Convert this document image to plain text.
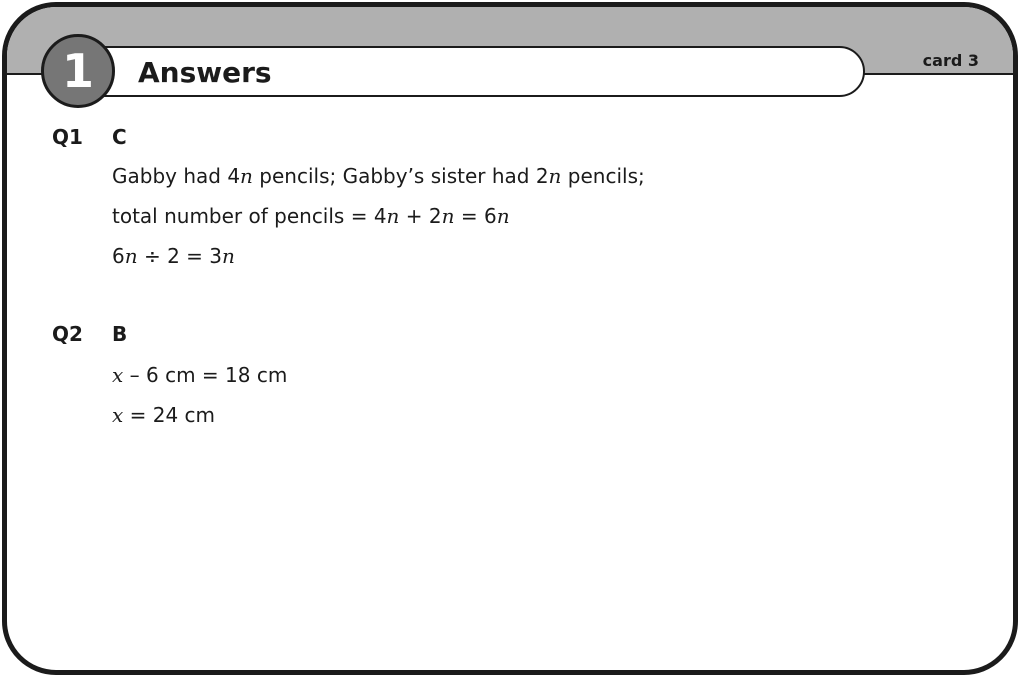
Answers
1	card 3
Q1 C
Gabby had 4n pencils; Gabby’s sister had 2n pencils;
total number of pencils = 4n + 2n = 6n
6n ÷ 2 = 3n
Q2 B
x – 6 cm = 18 cm
x = 24 cm
